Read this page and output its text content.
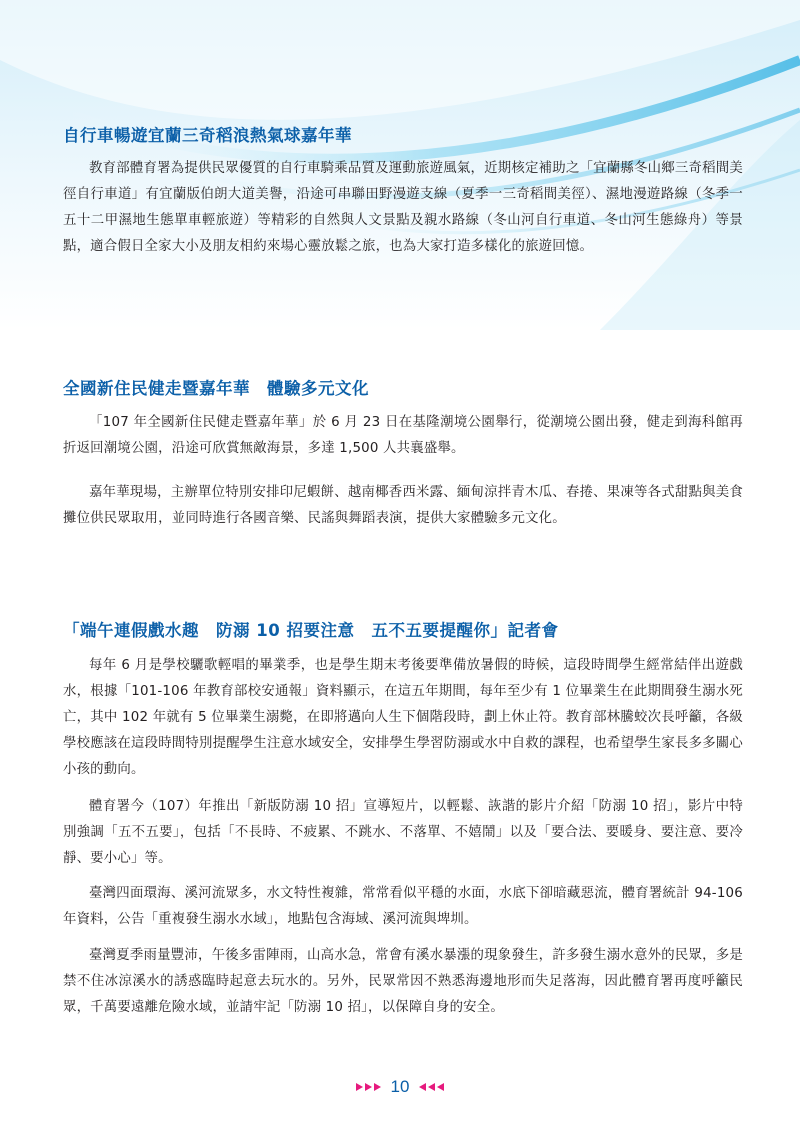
自行車暢遊宜蘭三奇稻浪熱氣球嘉年華

教育部體育署為提供民眾優質的自行車騎乘品質及運動旅遊風氣，近期核定補助之「宜蘭縣冬山鄉三奇稻間美徑自行車道」有宜蘭版伯朗大道美譽，沿途可串聯田野漫遊支線（夏季一三奇稻間美徑）、濕地漫遊路線（冬季一五十二甲濕地生態單車輕旅遊）等精彩的自然與人文景點及親水路線（冬山河自行車道、冬山河生態綠舟）等景點，適合假日全家大小及朋友相約來場心靈放鬆之旅，也為大家打造多樣化的旅遊回憶。

全國新住民健走暨嘉年華　體驗多元文化

「107 年全國新住民健走暨嘉年華」於 6 月 23 日在基隆潮境公園舉行，從潮境公園出發，健走到海科館再折返回潮境公園，沿途可欣賞無敵海景，多達 1,500 人共襄盛舉。

嘉年華現場，主辦單位特別安排印尼蝦餅、越南椰香西米露、緬甸涼拌青木瓜、春捲、果凍等各式甜點與美食攤位供民眾取用，並同時進行各國音樂、民謠與舞蹈表演，提供大家體驗多元文化。

「端午連假戲水趣　防溺 10 招要注意　五不五要提醒你」記者會

每年 6 月是學校驪歌輕唱的畢業季，也是學生期末考後要準備放暑假的時候，這段時間學生經常結伴出遊戲水，根據「101-106 年教育部校安通報」資料顯示，在這五年期間，每年至少有 1 位畢業生在此期間發生溺水死亡，其中 102 年就有 5 位畢業生溺斃，在即將邁向人生下個階段時，劃上休止符。教育部林騰蛟次長呼籲，各級學校應該在這段時間特別提醒學生注意水域安全，安排學生學習防溺或水中自救的課程，也希望學生家長多多關心小孩的動向。

體育署今（107）年推出「新版防溺 10 招」宣導短片，以輕鬆、詼諧的影片介紹「防溺 10 招」，影片中特別強調「五不五要」，包括「不長時、不疲累、不跳水、不落單、不嬉鬧」以及「要合法、要暖身、要注意、要冷靜、要小心」等。

臺灣四面環海、溪河流眾多，水文特性複雜，常常看似平穩的水面，水底下卻暗藏惡流，體育署統計 94-106 年資料，公告「重複發生溺水水域」，地點包含海域、溪河流與埤圳。

臺灣夏季雨量豐沛，午後多雷陣雨，山高水急，常會有溪水暴漲的現象發生，許多發生溺水意外的民眾，多是禁不住冰涼溪水的誘惑臨時起意去玩水的。另外，民眾常因不熟悉海邊地形而失足落海，因此體育署再度呼籲民眾，千萬要遠離危險水域，並請牢記「防溺 10 招」，以保障自身的安全。

10
